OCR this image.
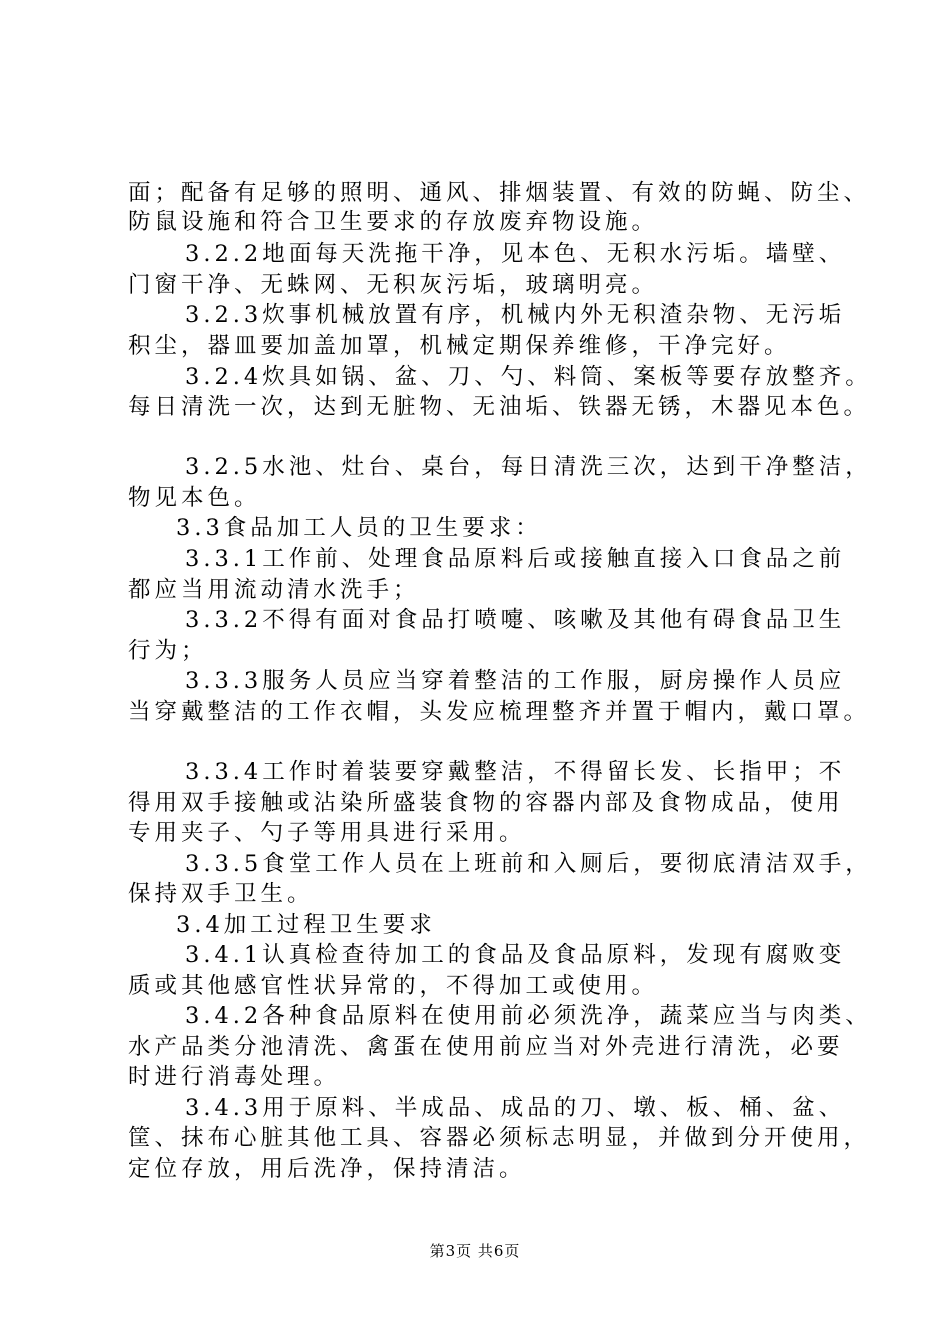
面；配备有足够的照明、通风、排烟装置、有效的防蝇、防尘、
防鼠设施和符合卫生要求的存放废弃物设施。
3.2.2地面每天洗拖干净，见本色、无积水污垢。墙壁、
门窗干净、无蛛网、无积灰污垢，玻璃明亮。
3.2.3炊事机械放置有序，机械内外无积渣杂物、无污垢
积尘，器皿要加盖加罩，机械定期保养维修，干净完好。
3.2.4炊具如锅、盆、刀、勺、料筒、案板等要存放整齐。
每日清洗一次，达到无脏物、无油垢、铁器无锈，木器见本色。
3.2.5水池、灶台、桌台，每日清洗三次，达到干净整洁，
物见本色。
3.3食品加工人员的卫生要求：
3.3.1工作前、处理食品原料后或接触直接入口食品之前
都应当用流动清水洗手；
3.3.2不得有面对食品打喷嚏、咳嗽及其他有碍食品卫生
行为；
3.3.3服务人员应当穿着整洁的工作服，厨房操作人员应
当穿戴整洁的工作衣帽，头发应梳理整齐并置于帽内，戴口罩。
3.3.4工作时着装要穿戴整洁，不得留长发、长指甲；不
得用双手接触或沾染所盛装食物的容器内部及食物成品，使用
专用夹子、勺子等用具进行采用。
3.3.5食堂工作人员在上班前和入厕后，要彻底清洁双手，
保持双手卫生。
3.4加工过程卫生要求
3.4.1认真检查待加工的食品及食品原料，发现有腐败变
质或其他感官性状异常的，不得加工或使用。
3.4.2各种食品原料在使用前必须洗净，蔬菜应当与肉类、
水产品类分池清洗、禽蛋在使用前应当对外壳进行清洗，必要
时进行消毒处理。
3.4.3用于原料、半成品、成品的刀、墩、板、桶、盆、
筐、抹布心脏其他工具、容器必须标志明显，并做到分开使用，
定位存放，用后洗净，保持清洁。
第3页 共6页
